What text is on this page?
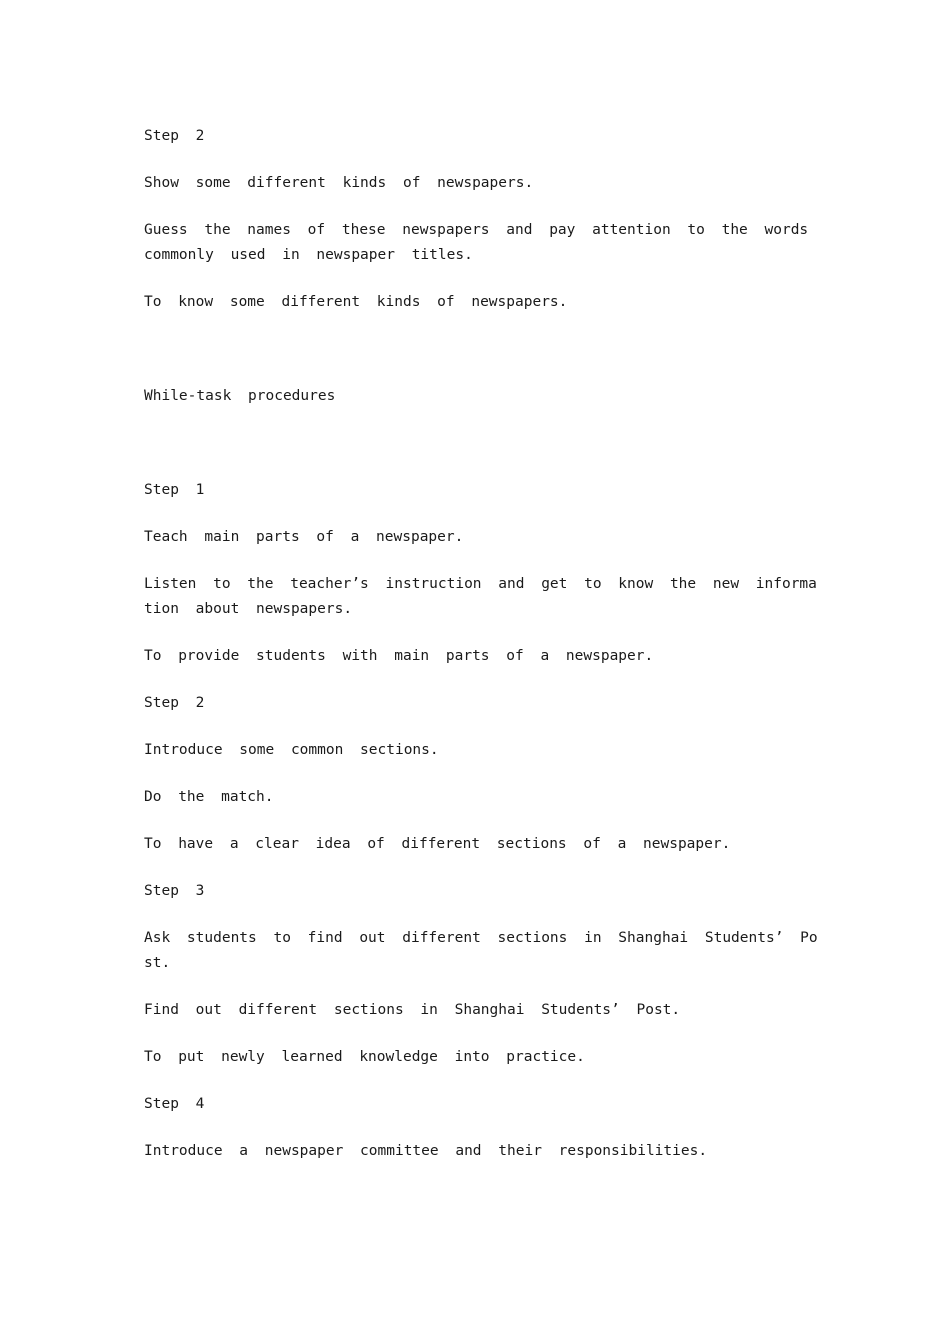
Step 2
Show some different kinds of newspapers.
Guess the names of these newspapers and pay attention to the words
commonly used in newspaper titles.
To know some different kinds of newspapers.
While-task procedures
Step 1
Teach main parts of a newspaper.
Listen to the teacher’s instruction and get to know the new informa
tion about newspapers.
To provide students with main parts of a newspaper.
Step 2
Introduce some common sections.
Do the match.
To have a clear idea of different sections of a newspaper.
Step 3
Ask students to find out different sections in Shanghai Students’ Po
st.
Find out different sections in Shanghai Students’ Post.
To put newly learned knowledge into practice.
Step 4
Introduce a newspaper committee and their responsibilities.
